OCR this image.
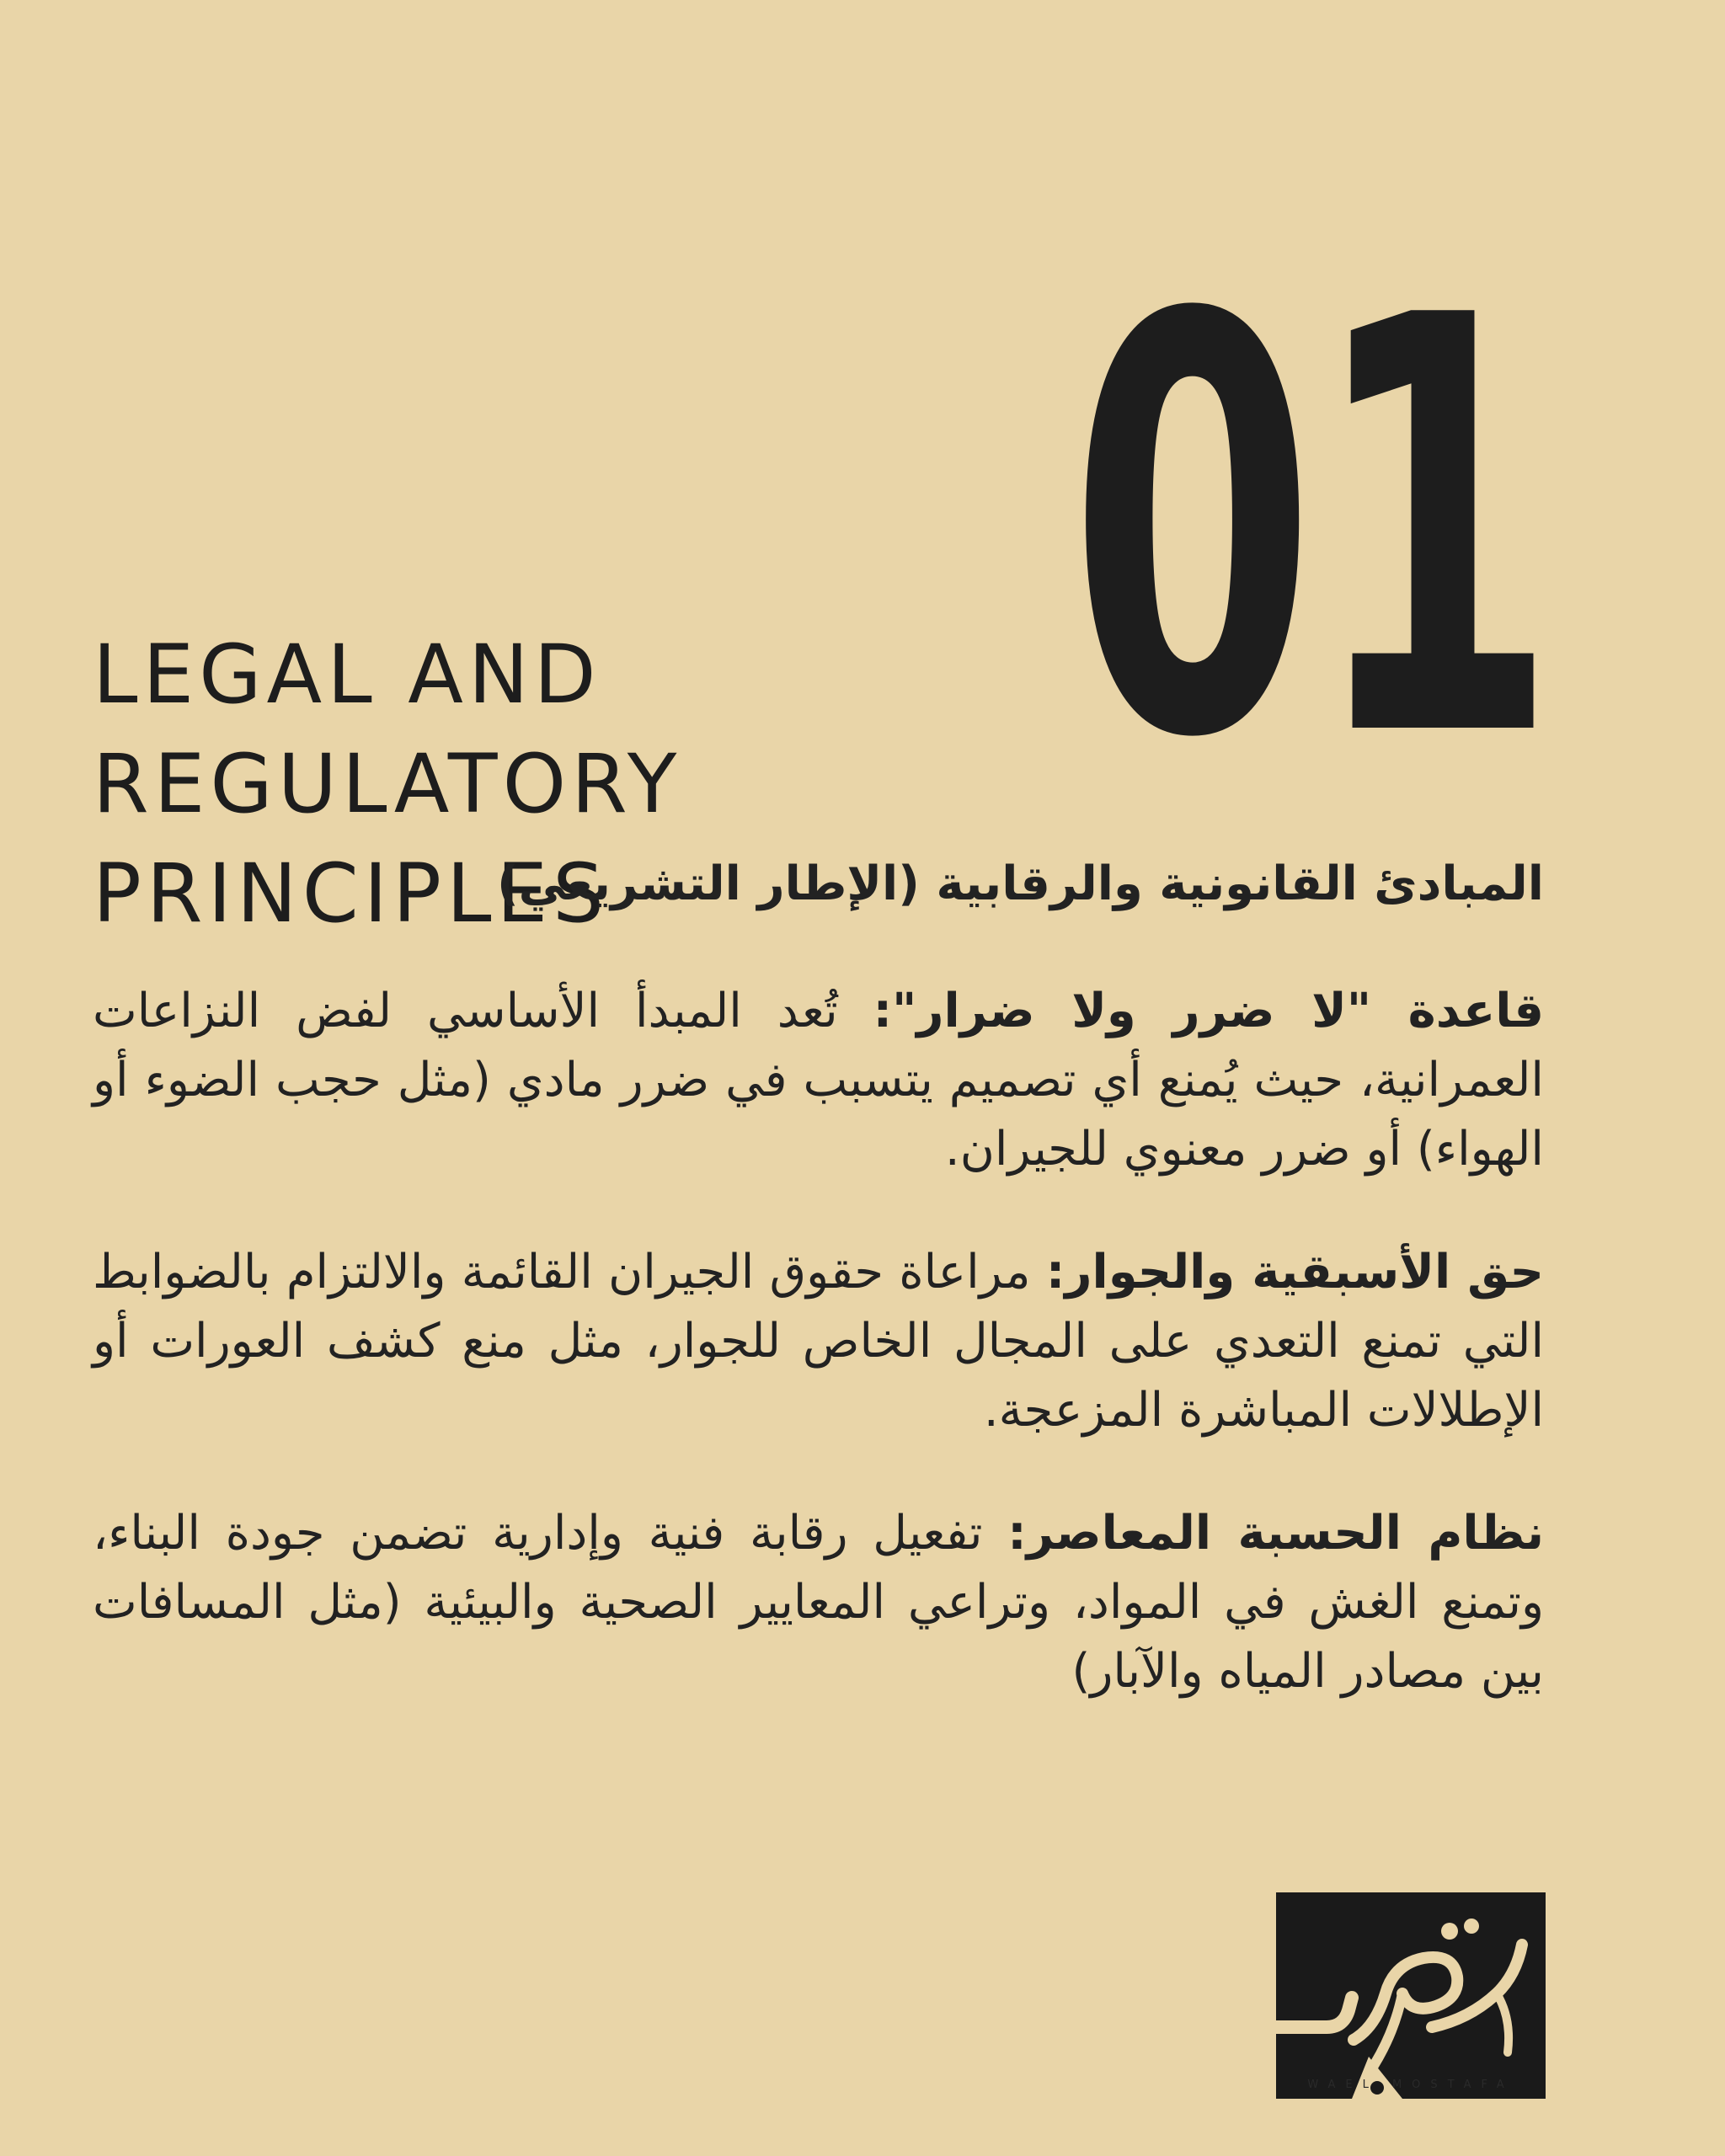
01
LEGAL AND REGULATORY
PRINCIPLES
المبادئ القانونية والرقابية (الإطار التشريعي)
قاعدة "لا ضرر ولا ضرار": تُعد المبدأ الأساسي لفض النزاعات العمرانية، حيث يُمنع أي تصميم يتسبب في ضرر مادي (مثل حجب الضوء أو الهواء) أو ضرر معنوي للجيران.
حق الأسبقية والجوار: مراعاة حقوق الجيران القائمة والالتزام بالضوابط التي تمنع التعدي على المجال الخاص للجوار، مثل منع كشف العورات أو الإطلالات المباشرة المزعجة.
نظام الحسبة المعاصر: تفعيل رقابة فنية وإدارية تضمن جودة البناء، وتمنع الغش في المواد، وتراعي المعايير الصحية والبيئية (مثل المسافات بين مصادر المياه والآبار)
WAEL MOSTAFA
